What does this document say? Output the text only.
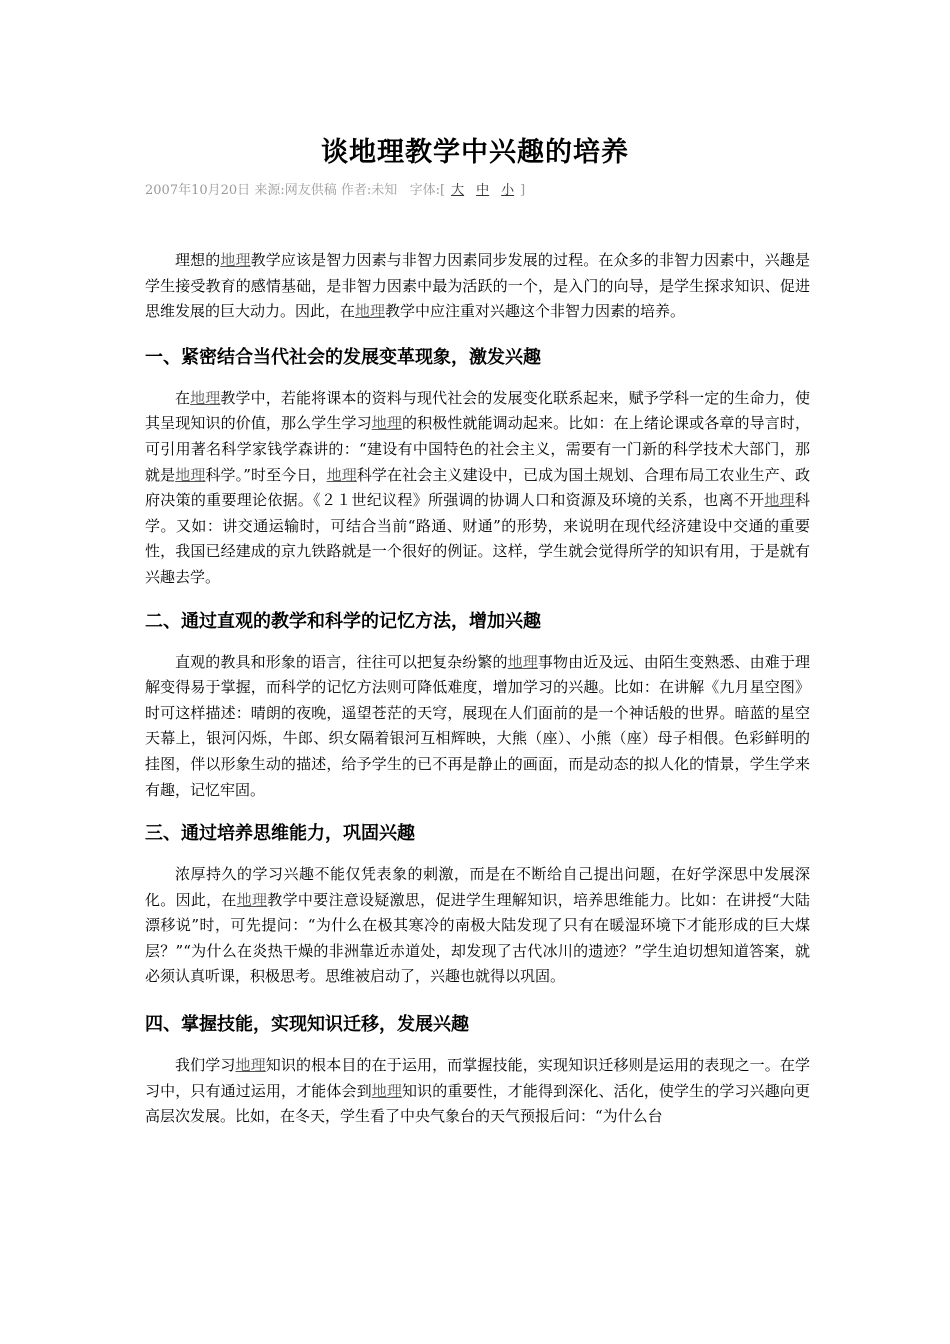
谈地理教学中兴趣的培养
2007年10月20日 来源:网友供稿 作者:未知 字体:[ 大 中 小 ]

理想的地理教学应该是智力因素与非智力因素同步发展的过程。在众多的非智力因素中，兴趣是学生接受教育的感情基础，是非智力因素中最为活跃的一个，是入门的向导，是学生探求知识、促进思维发展的巨大动力。因此，在地理教学中应注重对兴趣这个非智力因素的培养。

一、紧密结合当代社会的发展变革现象，激发兴趣

在地理教学中，若能将课本的资料与现代社会的发展变化联系起来，赋予学科一定的生命力，使其呈现知识的价值，那么学生学习地理的积极性就能调动起来。比如：在上绪论课或各章的导言时，可引用著名科学家钱学森讲的：“建设有中国特色的社会主义，需要有一门新的科学技术大部门，那就是地理科学。”时至今日，地理科学在社会主义建设中，已成为国土规划、合理布局工农业生产、政府决策的重要理论依据。《２１世纪议程》所强调的协调人口和资源及环境的关系，也离不开地理科学。又如：讲交通运输时，可结合当前“路通、财通”的形势，来说明在现代经济建设中交通的重要性，我国已经建成的京九铁路就是一个很好的例证。这样，学生就会觉得所学的知识有用，于是就有兴趣去学。

二、通过直观的教学和科学的记忆方法，增加兴趣

直观的教具和形象的语言，往往可以把复杂纷繁的地理事物由近及远、由陌生变熟悉、由难于理解变得易于掌握，而科学的记忆方法则可降低难度，增加学习的兴趣。比如：在讲解《九月星空图》时可这样描述：晴朗的夜晚，遥望苍茫的天穹，展现在人们面前的是一个神话般的世界。暗蓝的星空天幕上，银河闪烁，牛郎、织女隔着银河互相辉映，大熊（座）、小熊（座）母子相偎。色彩鲜明的挂图，伴以形象生动的描述，给予学生的已不再是静止的画面，而是动态的拟人化的情景，学生学来有趣，记忆牢固。

三、通过培养思维能力，巩固兴趣

浓厚持久的学习兴趣不能仅凭表象的刺激，而是在不断给自己提出问题，在好学深思中发展深化。因此，在地理教学中要注意设疑激思，促进学生理解知识，培养思维能力。比如：在讲授“大陆漂移说”时，可先提问：“为什么在极其寒冷的南极大陆发现了只有在暖湿环境下才能形成的巨大煤层？”“为什么在炎热干燥的非洲靠近赤道处，却发现了古代冰川的遗迹？”学生迫切想知道答案，就必须认真听课，积极思考。思维被启动了，兴趣也就得以巩固。

四、掌握技能，实现知识迁移，发展兴趣

我们学习地理知识的根本目的在于运用，而掌握技能，实现知识迁移则是运用的表现之一。在学习中，只有通过运用，才能体会到地理知识的重要性，才能得到深化、活化，使学生的学习兴趣向更高层次发展。比如，在冬天，学生看了中央气象台的天气预报后问：“为什么台
